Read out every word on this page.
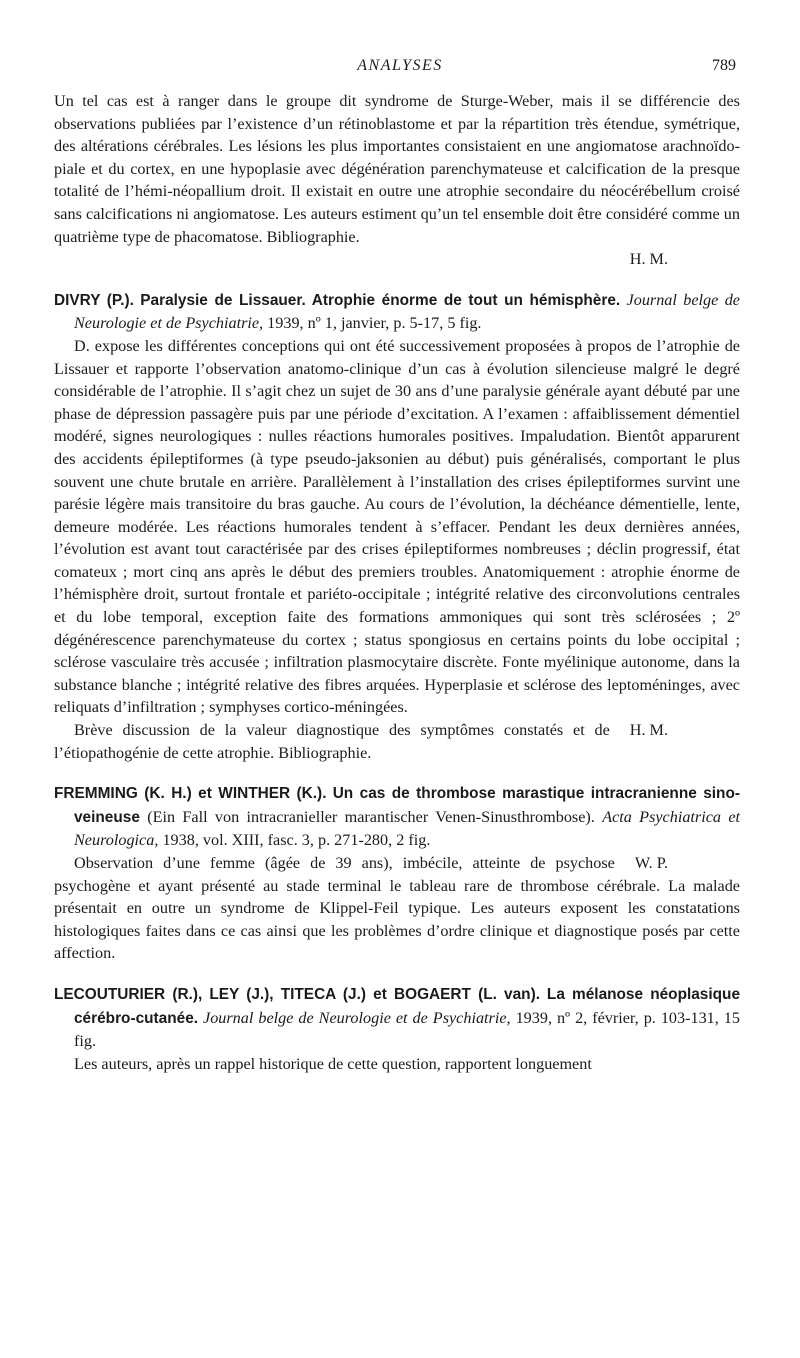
ANALYSES	789

Un tel cas est à ranger dans le groupe dit syndrome de Sturge-Weber, mais il se différencie des observations publiées par l’existence d’un rétinoblastome et par la répartition très étendue, symétrique, des altérations cérébrales. Les lésions les plus importantes consistaient en une angiomatose arachnoïdo-piale et du cortex, en une hypoplasie avec dégénération parenchymateuse et calcification de la presque totalité de l’hémi-néopallium droit. Il existait en outre une atrophie secondaire du néocérébellum croisé sans calcifications ni angiomatose. Les auteurs estiment qu’un tel ensemble doit être considéré comme un quatrième type de phacomatose. Bibliographie.

H. M.

DIVRY (P.). Paralysie de Lissauer. Atrophie énorme de tout un hémisphère. Journal belge de Neurologie et de Psychiatrie, 1939, nº 1, janvier, p. 5-17, 5 fig.

D. expose les différentes conceptions qui ont été successivement proposées à propos de l’atrophie de Lissauer et rapporte l’observation anatomo-clinique d’un cas à évolution silencieuse malgré le degré considérable de l’atrophie. Il s’agit chez un sujet de 30 ans d’une paralysie générale ayant débuté par une phase de dépression passagère puis par une période d’excitation. A l’examen : affaiblissement démentiel modéré, signes neurologiques : nulles réactions humorales positives. Impaludation. Bientôt apparurent des accidents épileptiformes (à type pseudo-jaksonien au début) puis généralisés, comportant le plus souvent une chute brutale en arrière. Parallèlement à l’installation des crises épileptiformes survint une parésie légère mais transitoire du bras gauche. Au cours de l’évolution, la déchéance démentielle, lente, demeure modérée. Les réactions humorales tendent à s’effacer. Pendant les deux dernières années, l’évolution est avant tout caractérisée par des crises épileptiformes nombreuses ; déclin progressif, état comateux ; mort cinq ans après le début des premiers troubles. Anatomiquement : atrophie énorme de l’hémisphère droit, surtout frontale et pariéto-occipitale ; intégrité relative des circonvolutions centrales et du lobe temporal, exception faite des formations ammoniques qui sont très sclérosées ; 2º dégénérescence parenchymateuse du cortex ; status spongiosus en certains points du lobe occipital ; sclérose vasculaire très accusée ; infiltration plasmocytaire discrète. Fonte myélinique autonome, dans la substance blanche ; intégrité relative des fibres arquées. Hyperplasie et sclérose des leptoméninges, avec reliquats d’infiltration ; symphyses cortico-méningées.

H. M.
Brève discussion de la valeur diagnostique des symptômes constatés et de l’étiopathogénie de cette atrophie. Bibliographie.

FREMMING (K. H.) et WINTHER (K.). Un cas de thrombose marastique intracranienne sino-veineuse (Ein Fall von intracranieller marantischer Venen-Sinusthrombose). Acta Psychiatrica et Neurologica, 1938, vol. XIII, fasc. 3, p. 271-280, 2 fig.

W. P.
Observation d’une femme (âgée de 39 ans), imbécile, atteinte de psychose psychogène et ayant présenté au stade terminal le tableau rare de thrombose cérébrale. La malade présentait en outre un syndrome de Klippel-Feil typique. Les auteurs exposent les constatations histologiques faites dans ce cas ainsi que les problèmes d’ordre clinique et diagnostique posés par cette affection.

LECOUTURIER (R.), LEY (J.), TITECA (J.) et BOGAERT (L. van). La mélanose néoplasique cérébro-cutanée. Journal belge de Neurologie et de Psychiatrie, 1939, nº 2, février, p. 103-131, 15 fig.

Les auteurs, après un rappel historique de cette question, rapportent longuement
